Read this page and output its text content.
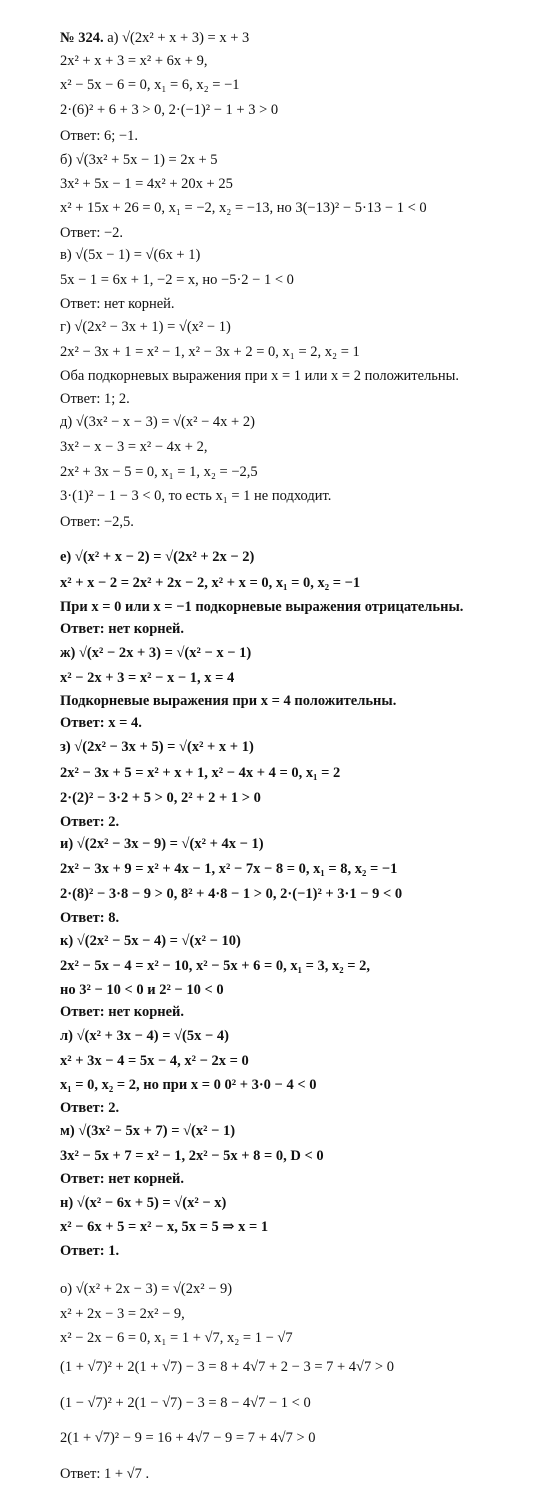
№ 324. а) √(2x² + x + 3) = x + 3
2x² + x + 3 = x² + 6x + 9,
x² − 5x − 6 = 0, x₁ = 6, x₂ = −1
2·(6)² + 6 + 3 > 0, 2·(−1)² − 1 + 3 > 0
Ответ: 6; −1.
б) √(3x² + 5x − 1) = 2x + 5
3x² + 5x − 1 = 4x² + 20x + 25
x² + 15x + 26 = 0, x₁ = −2, x₂ = −13, но 3(−13)² − 5·13 − 1 < 0
Ответ: −2.
в) √(5x − 1) = √(6x + 1)
5x − 1 = 6x + 1, −2 = x, но −5·2 − 1 < 0
Ответ: нет корней.
г) √(2x² − 3x + 1) = √(x² − 1)
2x² − 3x + 1 = x² − 1, x² − 3x + 2 = 0, x₁ = 2, x₂ = 1
Оба подкорневых выражения при x = 1 или x = 2 положительны.
Ответ: 1; 2.
д) √(3x² − x − 3) = √(x² − 4x + 2)
3x² − x − 3 = x² − 4x + 2,
2x² + 3x − 5 = 0, x₁ = 1, x₂ = −2,5
3·(1)² − 1 − 3 < 0, то есть x₁ = 1 не подходит.
Ответ: −2,5.
е) √(x² + x − 2) = √(2x² + 2x − 2)
x² + x − 2 = 2x² + 2x − 2, x² + x = 0, x₁ = 0, x₂ = −1
При x = 0 или x = −1 подкорневые выражения отрицательны.
Ответ: нет корней.
ж) √(x² − 2x + 3) = √(x² − x − 1)
x² − 2x + 3 = x² − x − 1, x = 4
Подкорневые выражения при x = 4 положительны.
Ответ: x = 4.
з) √(2x² − 3x + 5) = √(x² + x + 1)
2x² − 3x + 5 = x² + x + 1, x² − 4x + 4 = 0, x₁ = 2
2·(2)² − 3·2 + 5 > 0, 2² + 2 + 1 > 0
Ответ: 2.
и) √(2x² − 3x − 9) = √(x² + 4x − 1)
2x² − 3x + 9 = x² + 4x − 1, x² − 7x − 8 = 0, x₁ = 8, x₂ = −1
2·(8)² − 3·8 − 9 > 0, 8² + 4·8 − 1 > 0, 2·(−1)² + 3·1 − 9 < 0
Ответ: 8.
к) √(2x² − 5x − 4) = √(x² − 10)
2x² − 5x − 4 = x² − 10, x² − 5x + 6 = 0, x₁ = 3, x₂ = 2,
но 3² − 10 < 0 и 2² − 10 < 0
Ответ: нет корней.
л) √(x² + 3x − 4) = √(5x − 4)
x² + 3x − 4 = 5x − 4, x² − 2x = 0
x₁ = 0, x₂ = 2, но при x = 0 0² + 3·0 − 4 < 0
Ответ: 2.
м) √(3x² − 5x + 7) = √(x² − 1)
3x² − 5x + 7 = x² − 1, 2x² − 5x + 8 = 0, D < 0
Ответ: нет корней.
н) √(x² − 6x + 5) = √(x² − x)
x² − 6x + 5 = x² − x, 5x = 5 ⇒ x = 1
Ответ: 1.
о) √(x² + 2x − 3) = √(2x² − 9)
x² + 2x − 3 = 2x² − 9,
x² − 2x − 6 = 0, x₁ = 1 + √7, x₂ = 1 − √7
(1 + √7)² + 2(1 + √7) − 3 = 8 + 4√7 + 2 − 3 = 7 + 4√7 > 0
(1 − √7)² + 2(1 − √7) − 3 = 8 − 4√7 − 1 < 0
2(1 + √7)² − 9 = 16 + 4√7 − 9 = 7 + 4√7 > 0
Ответ: 1 + √7 .
